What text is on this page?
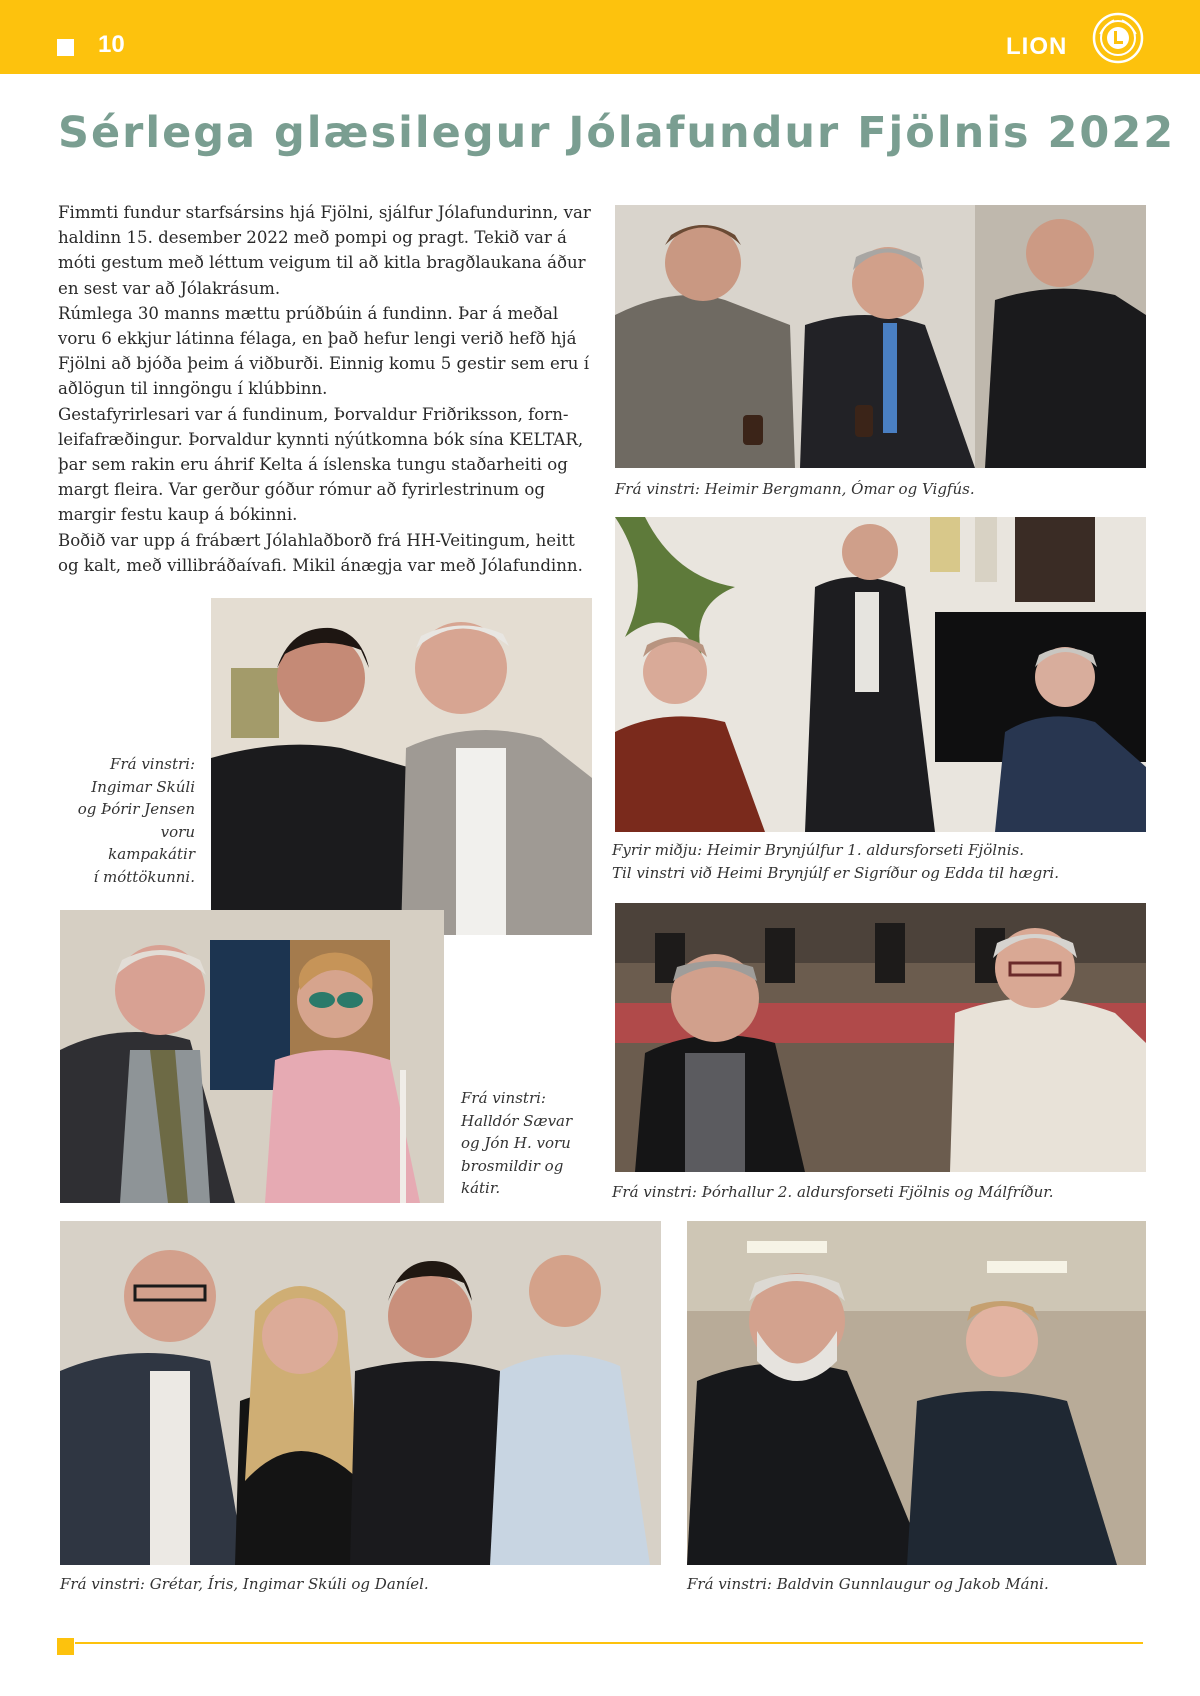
10	LION
Sérlega glæsilegur Jólafundur Fjölnis 2022

Fimmti fundur starfsársins hjá Fjölni, sjálfur Jólafundurinn, var haldinn 15. desember 2022 með pompi og pragt. Tekið var á móti gestum með léttum veigum til að kitla bragðlaukana áður en sest var að Jólakrásum.

Rúmlega 30 manns mættu prúðbúin á fundinn. Þar á meðal voru 6 ekkjur látinna félaga, en það hefur lengi verið hefð hjá Fjölni að bjóða þeim á viðburði. Einnig komu 5 gestir sem eru í aðlögun til inngöngu í klúbbinn.

Gestafyrirlesari var á fundinum, Þorvaldur Friðriksson, forn-leifafræðingur. Þorvaldur kynnti nýútkomna bók sína KELTAR, þar sem rakin eru áhrif Kelta á íslenska tungu staðarheiti og margt fleira. Var gerður góður rómur að fyrirlestrinum og margir festu kaup á bókinni.

Boðið var upp á frábært Jólahlaðborð frá HH-Veitingum, heitt og kalt, með villibráðaívafi. Mikil ánægja var með Jólafundinn.

Frá vinstri: Heimir Bergmann, Ómar og Vigfús.
Frá vinstri:
Ingimar Skúli
og Þórir Jensen
voru
kampakátir
í móttökunni.
Fyrir miðju: Heimir Brynjúlfur 1. aldursforseti Fjölnis.
Til vinstri við Heimi Brynjúlf er Sigríður og Edda til hægri.
Frá vinstri:
Halldór Sævar
og Jón H. voru
brosmildir og
kátir.	Frá vinstri: Þórhallur 2. aldursforseti Fjölnis og Málfríður.
Frá vinstri: Grétar, Íris, Ingimar Skúli og Daníel.	Frá vinstri: Baldvin Gunnlaugur og Jakob Máni.
